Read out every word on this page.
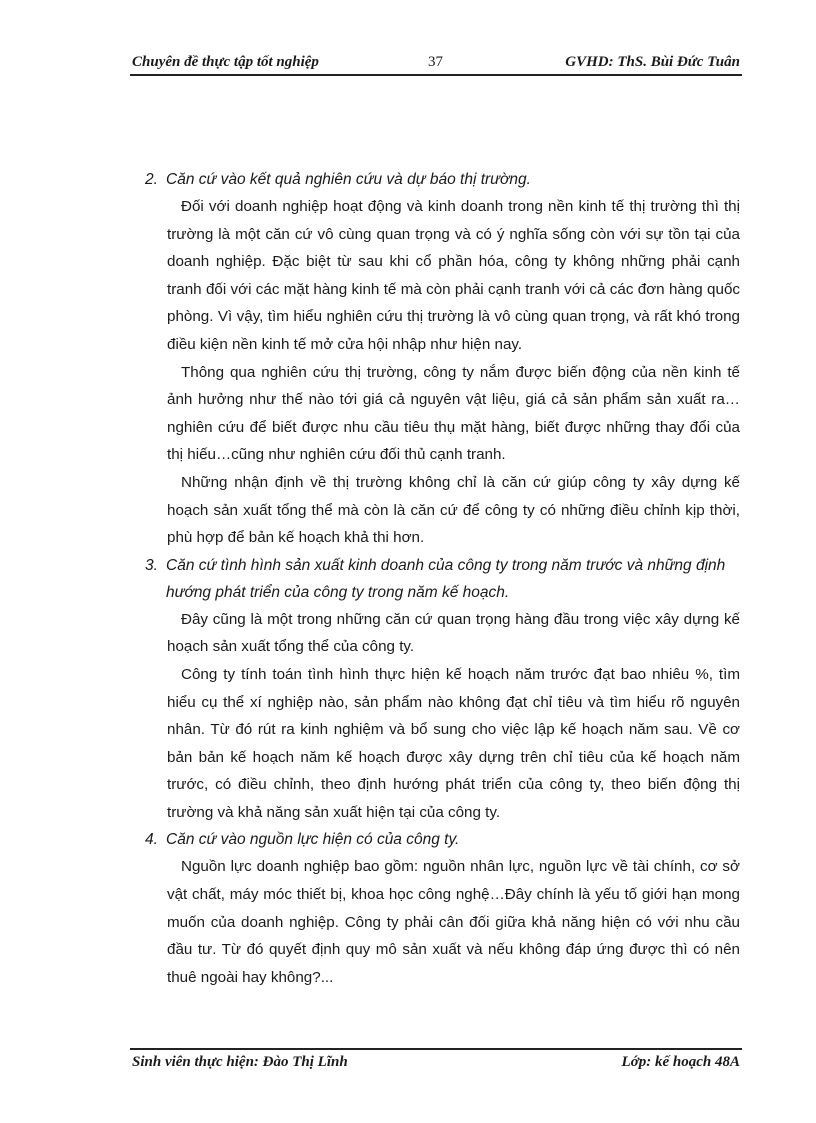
Chuyên đề thực tập tốt nghiệp	37	GVHD: ThS. Bùi Đức Tuân
2. Căn cứ vào kết quả nghiên cứu và dự báo thị trường.

Đối với doanh nghiệp hoạt động và kinh doanh trong nền kinh tế thị trường thì thị trường là một căn cứ vô cùng quan trọng và có ý nghĩa sống còn với sự tồn tại của doanh nghiệp. Đặc biệt từ sau khi cổ phần hóa, công ty không những phải cạnh tranh đối với các mặt hàng kinh tế mà còn phải cạnh tranh với cả các đơn hàng quốc phòng. Vì vậy, tìm hiểu nghiên cứu thị trường là vô cùng quan trọng, và rất khó trong điều kiện nền kinh tế mở cửa hội nhập như hiện nay.

Thông qua nghiên cứu thị trường, công ty nắm được biến động của nền kinh tế ảnh hưởng như thế nào tới giá cả nguyên vật liệu, giá cả sản phẩm sản xuất ra…nghiên cứu để biết được nhu cầu tiêu thụ mặt hàng, biết được những thay đổi của thị hiếu…cũng như nghiên cứu đối thủ cạnh tranh.

Những nhận định về thị trường không chỉ là căn cứ giúp công ty xây dựng kế hoạch sản xuất tổng thể mà còn là căn cứ để công ty có những điều chỉnh kịp thời, phù hợp để bản kế hoạch khả thi hơn.

3. Căn cứ tình hình sản xuất kinh doanh của công ty trong năm trước và những định hướng phát triển của công ty trong năm kế hoạch.

Đây cũng là một trong những căn cứ quan trọng hàng đầu trong việc xây dựng kế hoạch sản xuất tổng thể của công ty.

Công ty tính toán tình hình thực hiện kế hoạch năm trước đạt bao nhiêu %, tìm hiểu cụ thể xí nghiệp nào, sản phẩm nào không đạt chỉ tiêu và tìm hiểu rõ nguyên nhân. Từ đó rút ra kinh nghiệm và bổ sung cho việc lập kế hoạch năm sau. Về cơ bản bản kế hoạch năm kế hoạch được xây dựng trên chỉ tiêu của kế hoạch năm trước, có điều chỉnh, theo định hướng phát triển của công ty, theo biến động thị trường và khả năng sản xuất hiện tại của công ty.

4. Căn cứ vào nguồn lực hiện có của công ty.

Nguồn lực doanh nghiệp bao gồm: nguồn nhân lực, nguồn lực về tài chính, cơ sở vật chất, máy móc thiết bị, khoa học công nghệ…Đây chính là yếu tố giới hạn mong muốn của doanh nghiệp. Công ty phải cân đối giữa khả năng hiện có với nhu cầu đầu tư. Từ đó quyết định quy mô sản xuất và nếu không đáp ứng được thì có nên thuê ngoài hay không?...

Sinh viên thực hiện: Đào Thị Lĩnh	Lớp: kế hoạch 48A
